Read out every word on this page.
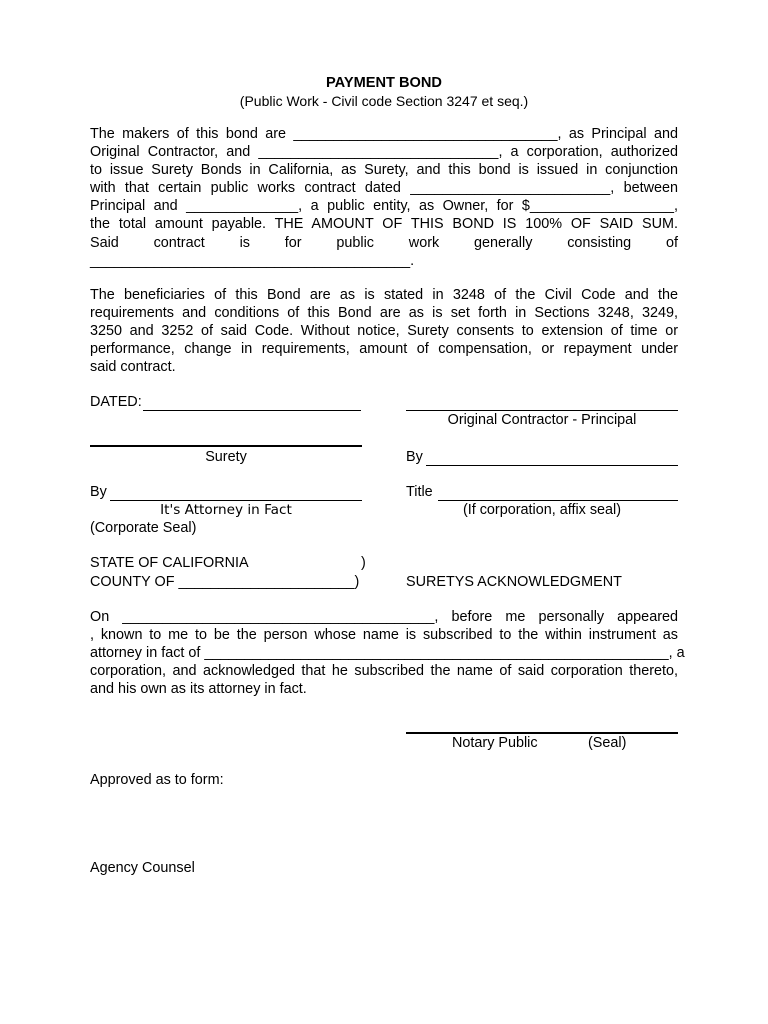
PAYMENT BOND
(Public Work - Civil code Section 3247 et seq.)
The makers of this bond are _________________________________, as Principal and
Original Contractor, and ______________________________, a corporation, authorized
to issue Surety Bonds in California, as Surety, and this bond is issued in conjunction
with that certain public works contract dated _________________________, between
Principal and ______________, a public entity, as Owner, for $__________________,
the total amount payable. THE AMOUNT OF THIS BOND IS 100% OF SAID SUM.
Said contract is for public work generally consisting of
________________________________________.
The beneficiaries of this Bond are as is stated in 3248 of the Civil Code and the
requirements and conditions of this Bond are as is set forth in Sections 3248, 3249,
3250 and 3252 of said Code. Without notice, Surety consents to extension of time or
performance, change in requirements, amount of compensation, or repayment under
said contract.
DATED:
Original Contractor - Principal
Surety	By
By	Title
It's Attorney in Fact	(If corporation, affix seal)
(Corporate Seal)
STATE OF CALIFORNIA	)
COUNTY OF ______________________)	SURETYS ACKNOWLEDGMENT
On _______________________________________, before me personally appeared
, known to me to be the person whose name is subscribed to the within instrument as
attorney in fact of __________________________________________________________, a
corporation, and acknowledged that he subscribed the name of said corporation thereto,
and his own as its attorney in fact.
Notary Public	(Seal)
Approved as to form:
Agency Counsel
